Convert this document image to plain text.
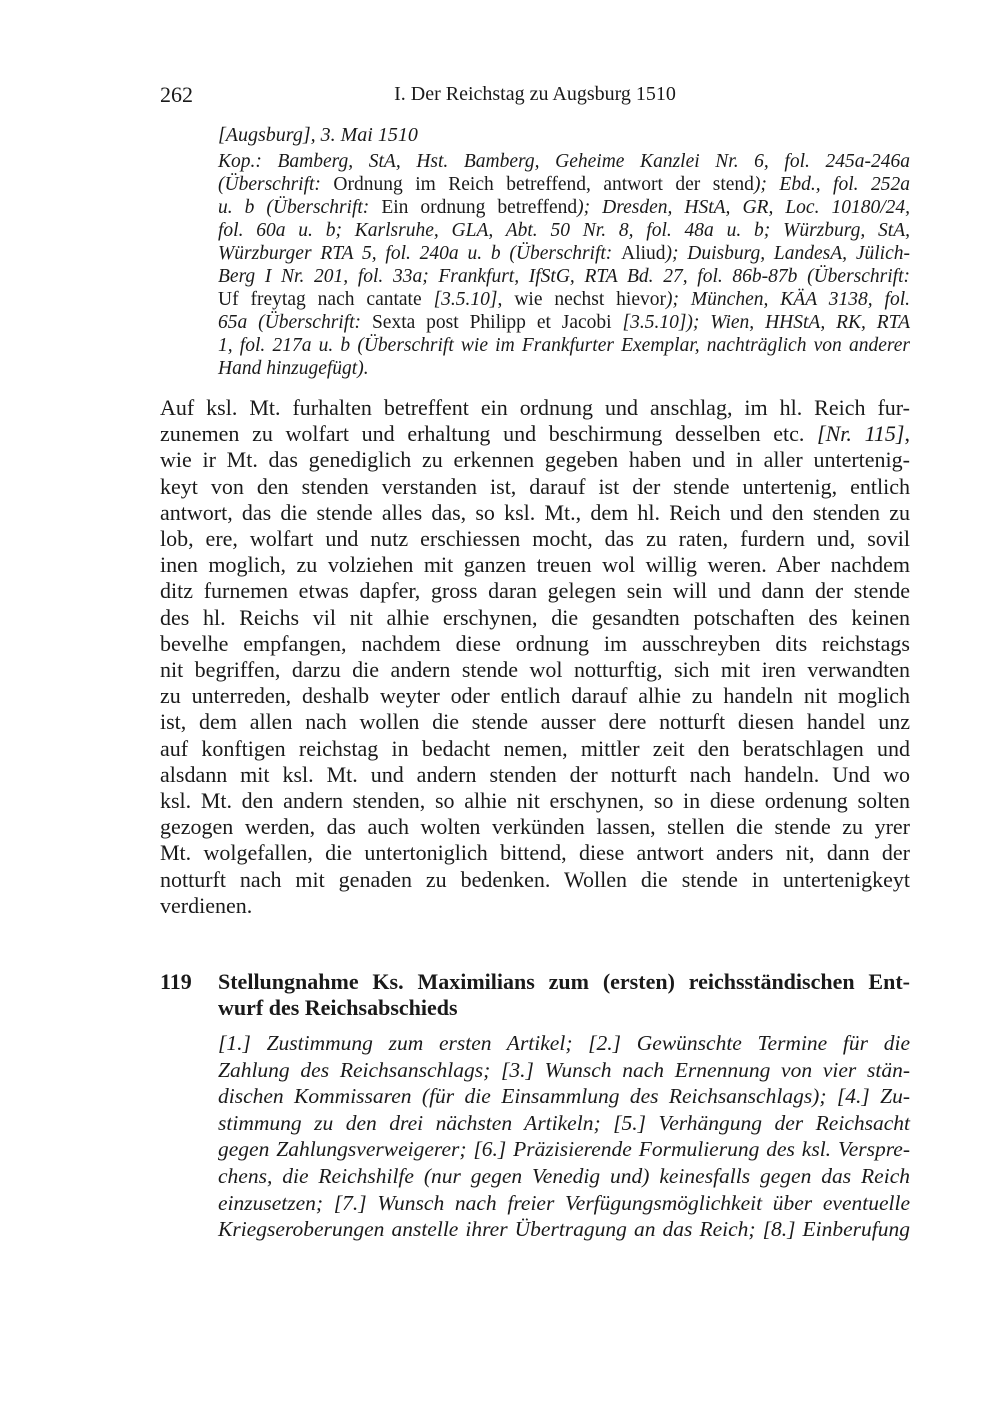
262	I. Der Reichstag zu Augsburg 1510
[Augsburg], 3. Mai 1510
Kop.: Bamberg, StA, Hst. Bamberg, Geheime Kanzlei Nr. 6, fol. 245a-246a
(Überschrift: Ordnung im Reich betreffend, antwort der stend); Ebd., fol. 252a
u. b (Überschrift: Ein ordnung betreffend); Dresden, HStA, GR, Loc. 10180/24,
fol. 60a u. b; Karlsruhe, GLA, Abt. 50 Nr. 8, fol. 48a u. b; Würzburg, StA,
Würzburger RTA 5, fol. 240a u. b (Überschrift: Aliud); Duisburg, LandesA, Jülich-
Berg I Nr. 201, fol. 33a; Frankfurt, IfStG, RTA Bd. 27, fol. 86b-87b (Überschrift:
Uf freytag nach cantate [3.5.10], wie nechst hievor); München, KÄA 3138, fol.
65a (Überschrift: Sexta post Philipp et Jacobi [3.5.10]); Wien, HHStA, RK, RTA
1, fol. 217a u. b (Überschrift wie im Frankfurter Exemplar, nachträglich von anderer
Hand hinzugefügt).
Auf ksl. Mt. furhalten betreffent ein ordnung und anschlag, im hl. Reich fur-
zunemen zu wolfart und erhaltung und beschirmung desselben etc. [Nr. 115],
wie ir Mt. das genediglich zu erkennen gegeben haben und in aller untertenig-
keyt von den stenden verstanden ist, darauf ist der stende untertenig, entlich
antwort, das die stende alles das, so ksl. Mt., dem hl. Reich und den stenden zu
lob, ere, wolfart und nutz erschiessen mocht, das zu raten, furdern und, sovil
inen moglich, zu volziehen mit ganzen treuen wol willig weren. Aber nachdem
ditz furnemen etwas dapfer, gross daran gelegen sein will und dann der stende
des hl. Reichs vil nit alhie erschynen, die gesandten potschaften des keinen
bevelhe empfangen, nachdem diese ordnung im ausschreyben dits reichstags
nit begriffen, darzu die andern stende wol notturftig, sich mit iren verwandten
zu unterreden, deshalb weyter oder entlich darauf alhie zu handeln nit moglich
ist, dem allen nach wollen die stende ausser dere notturft diesen handel unz
auf konftigen reichstag in bedacht nemen, mittler zeit den beratschlagen und
alsdann mit ksl. Mt. und andern stenden der notturft nach handeln. Und wo
ksl. Mt. den andern stenden, so alhie nit erschynen, so in diese ordenung solten
gezogen werden, das auch wolten verkünden lassen, stellen die stende zu yrer
Mt. wolgefallen, die untertoniglich bittend, diese antwort anders nit, dann der
notturft nach mit genaden zu bedenken. Wollen die stende in untertenigkeyt
verdienen.
119 Stellungnahme Ks. Maximilians zum (ersten) reichsständischen Ent-
wurf des Reichsabschieds
[1.] Zustimmung zum ersten Artikel; [2.] Gewünschte Termine für die
Zahlung des Reichsanschlags; [3.] Wunsch nach Ernennung von vier stän-
dischen Kommissaren (für die Einsammlung des Reichsanschlags); [4.] Zu-
stimmung zu den drei nächsten Artikeln; [5.] Verhängung der Reichsacht
gegen Zahlungsverweigerer; [6.] Präzisierende Formulierung des ksl. Verspre-
chens, die Reichshilfe (nur gegen Venedig und) keinesfalls gegen das Reich
einzusetzen; [7.] Wunsch nach freier Verfügungsmöglichkeit über eventuelle
Kriegseroberungen anstelle ihrer Übertragung an das Reich; [8.] Einberufung
